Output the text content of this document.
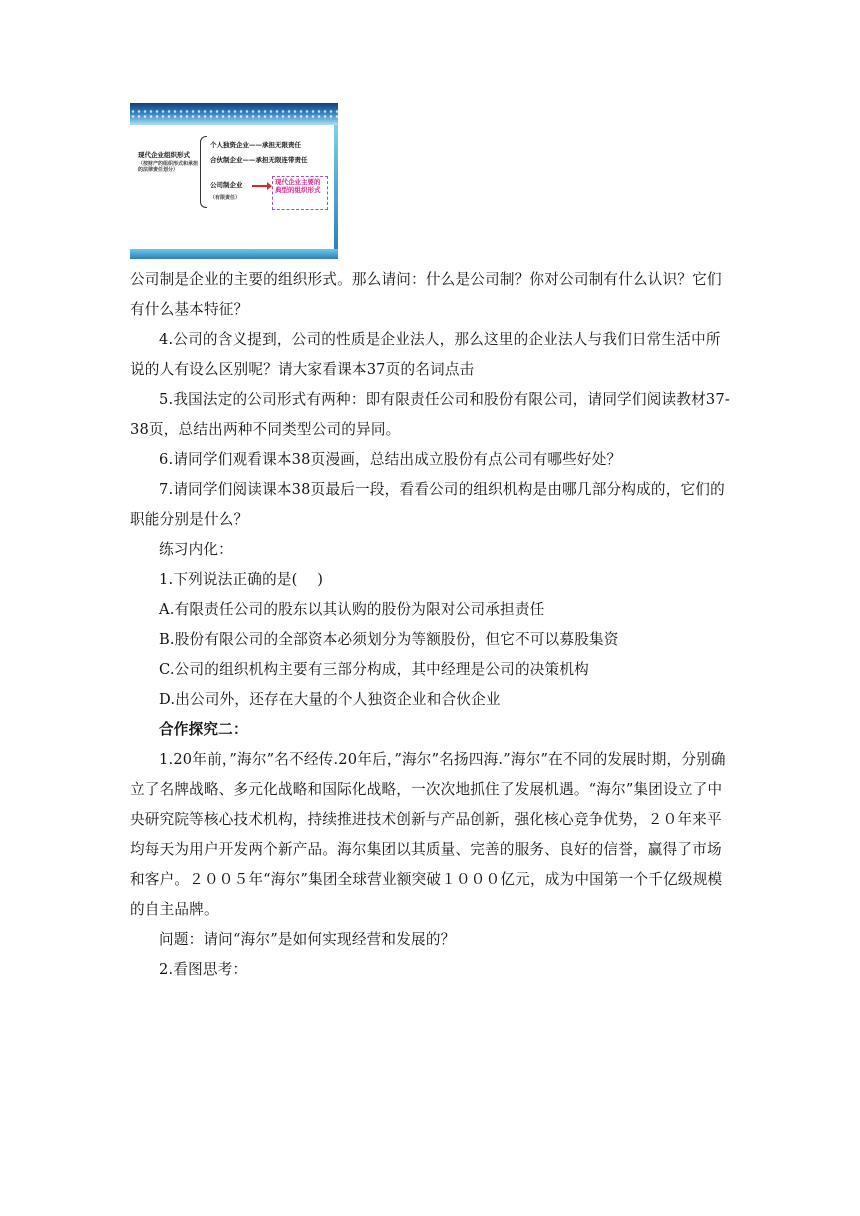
现代企业组织形式
（按财产的组织形式和承担的法律责任划分）
个人独资企业——承担无限责任
合伙制企业——承担无限连带责任
公司制企业
（有限责任）
现代企业主要的典型的组织形式

公司制是企业的主要的组织形式。那么请问：什么是公司制？你对公司制有什么认识？它们有什么基本特征？

4.公司的含义提到，公司的性质是企业法人，那么这里的企业法人与我们日常生活中所说的人有设么区别呢？请大家看课本37页的名词点击

5.我国法定的公司形式有两种：即有限责任公司和股份有限公司，请同学们阅读教材37-38页，总结出两种不同类型公司的异同。

6.请同学们观看课本38页漫画，总结出成立股份有点公司有哪些好处？

7.请同学们阅读课本38页最后一段，看看公司的组织机构是由哪几部分构成的，它们的职能分别是什么？

练习内化：

1.下列说法正确的是(　 )

A.有限责任公司的股东以其认购的股份为限对公司承担责任

B.股份有限公司的全部资本必须划分为等额股份，但它不可以募股集资

C.公司的组织机构主要有三部分构成，其中经理是公司的决策机构

D.出公司外，还存在大量的个人独资企业和合伙企业

合作探究二：

1.20年前，”海尔”名不经传.20年后，”海尔”名扬四海.”海尔”在不同的发展时期，分别确立了名牌战略、多元化战略和国际化战略，一次次地抓住了发展机遇。“海尔”集团设立了中央研究院等核心技术机构，持续推进技术创新与产品创新，强化核心竞争优势，２０年来平均每天为用户开发两个新产品。海尔集团以其质量、完善的服务、良好的信誉，赢得了市场和客户。２００５年“海尔”集团全球营业额突破１０００亿元，成为中国第一个千亿级规模的自主品牌。

问题：请问“海尔”是如何实现经营和发展的？

2.看图思考：
